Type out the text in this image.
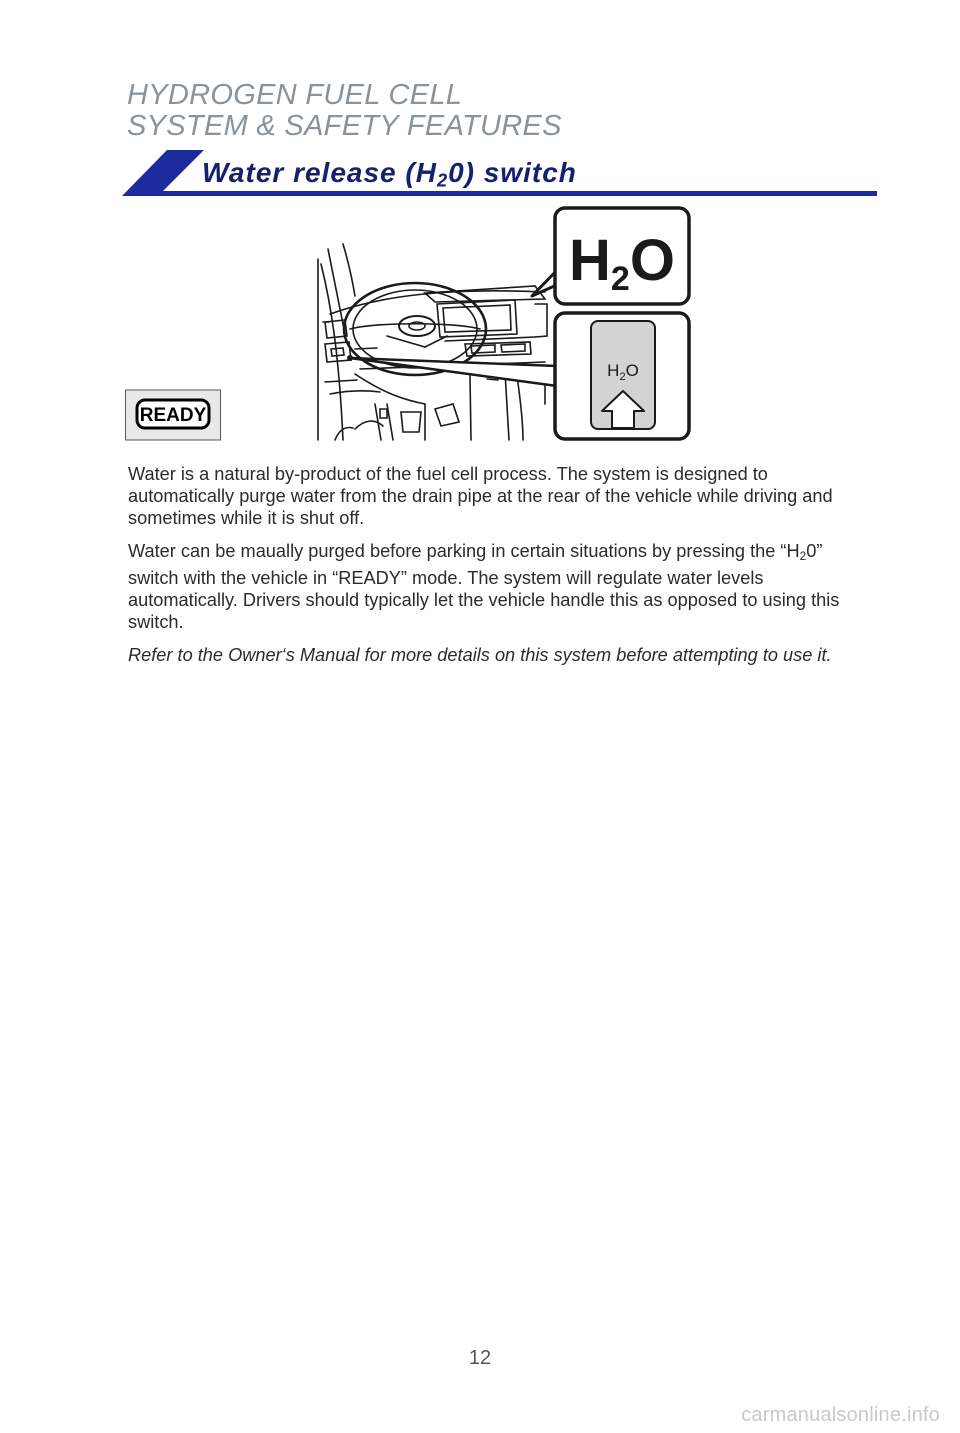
HYDROGEN FUEL CELL
SYSTEM & SAFETY FEATURES
Water release $(H_20)$ switch
READY
H2O
$H_2O$

Water is a natural by-product of the fuel cell process. The system is designed to automatically purge water from the drain pipe at the rear of the vehicle while driving and sometimes while it is shut off.

Water can be maually purged before parking in certain situations by pressing the “$H_20$” switch with the vehicle in “READY” mode. The system will regulate water levels automatically. Drivers should typically let the vehicle handle this as opposed to using this switch.

Refer to the Owner‘s Manual for more details on this system before attempting to use it.

12
carmanualsonline.info
